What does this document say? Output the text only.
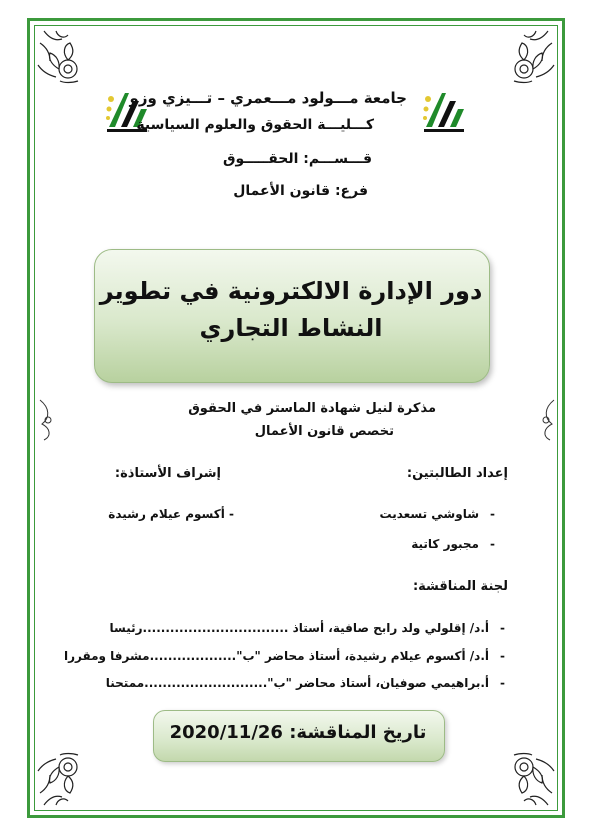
جامعة مـــولود مـــعمري – تـــيزي وزو
كـــليـــة الحقوق والعلوم السياسية
قـــســـم: الحقـــــوق
فرع: قانون الأعمال
دور الإدارة الالكترونية في تطوير
النشاط التجاري
مذكرة لنيل شهادة الماستر في الحقوق
تخصص قانون الأعمال
إعداد الطالبتين:
-
شاوشي تسعديت
-
مجبور كاتية
إشراف الأستاذة:
- أكسوم عيلام رشيدة
لجنة المناقشة:
-
أ.د/ إقلولي ولد رابح صافية، أستاذ ................................رئيسا
-
أ.د/ أكسوم عيلام رشيدة، أستاذ محاضر "ب"...................مشرفا ومقررا
-
أ.براهيمي صوفيان، أستاذ محاضر "ب"...........................ممتحنا
تاريخ المناقشة: 2020/11/26
